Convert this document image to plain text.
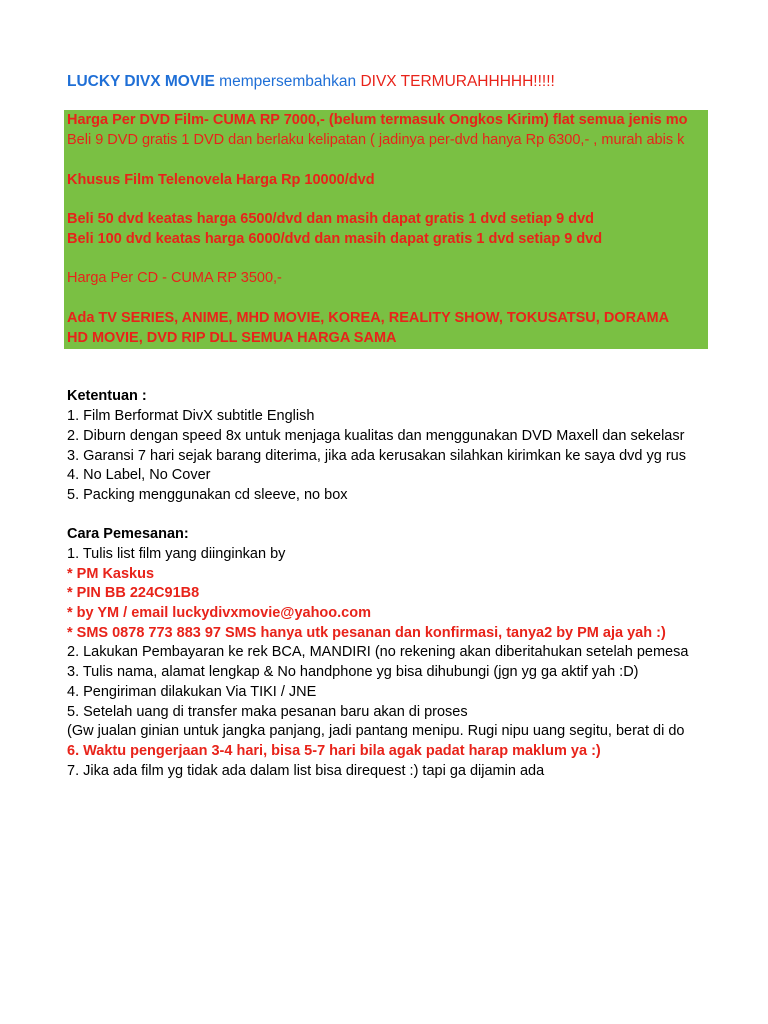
LUCKY DIVX MOVIE mempersembahkan DIVX TERMURAHHHHH!!!!!
Harga Per DVD Film- CUMA RP 7000,- (belum termasuk Ongkos Kirim) flat semua jenis mo
Beli 9 DVD gratis 1 DVD dan berlaku kelipatan ( jadinya per-dvd hanya Rp 6300,- , murah abis k
Khusus Film Telenovela Harga Rp 10000/dvd
Beli 50 dvd keatas harga 6500/dvd dan masih dapat gratis 1 dvd setiap 9 dvd
Beli 100 dvd keatas harga 6000/dvd dan masih dapat gratis 1 dvd setiap 9 dvd
Harga Per CD - CUMA RP 3500,-
Ada TV SERIES, ANIME, MHD MOVIE, KOREA, REALITY SHOW, TOKUSATSU, DORAMA
HD MOVIE, DVD RIP DLL SEMUA HARGA SAMA
Ketentuan :
1. Film Berformat DivX subtitle English
2. Diburn dengan speed 8x untuk menjaga kualitas dan menggunakan DVD Maxell dan sekelasr
3. Garansi 7 hari sejak barang diterima, jika ada kerusakan silahkan kirimkan ke saya dvd yg rus
4. No Label, No Cover
5. Packing menggunakan cd sleeve, no box
Cara Pemesanan:
1. Tulis list film yang diinginkan by
* PM Kaskus
* PIN BB 224C91B8
* by YM / email luckydivxmovie@yahoo.com
* SMS 0878 773 883 97 SMS hanya utk pesanan dan konfirmasi, tanya2 by PM aja yah :)
2. Lakukan Pembayaran ke rek BCA, MANDIRI (no rekening akan diberitahukan setelah pemesa
3. Tulis nama, alamat lengkap & No handphone yg bisa dihubungi (jgn yg ga aktif yah :D)
4. Pengiriman dilakukan Via TIKI / JNE
5. Setelah uang di transfer maka pesanan baru akan di proses
(Gw jualan ginian untuk jangka panjang, jadi pantang menipu. Rugi nipu uang segitu, berat di do
6. Waktu pengerjaan 3-4 hari, bisa 5-7 hari bila agak padat harap maklum ya :)
7. Jika ada film yg tidak ada dalam list bisa direquest :) tapi ga dijamin ada
